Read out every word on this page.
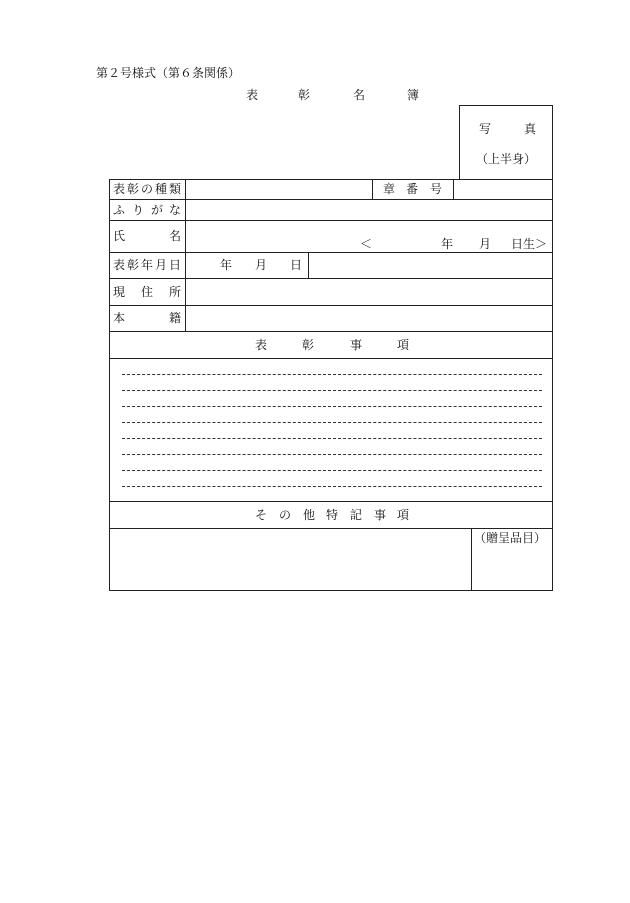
第２号様式（第６条関係）
表	彰	名	簿
写	真
（上半身）
表 彰 の 種 類	章 番 号
ふ り が な
氏	名
＜	年 月 日生＞
表 彰 年 月 日	年 月 日
現 住 所
本	籍
表	彰	事	項
そ の 他 特 記 事 項
（贈呈品目）
